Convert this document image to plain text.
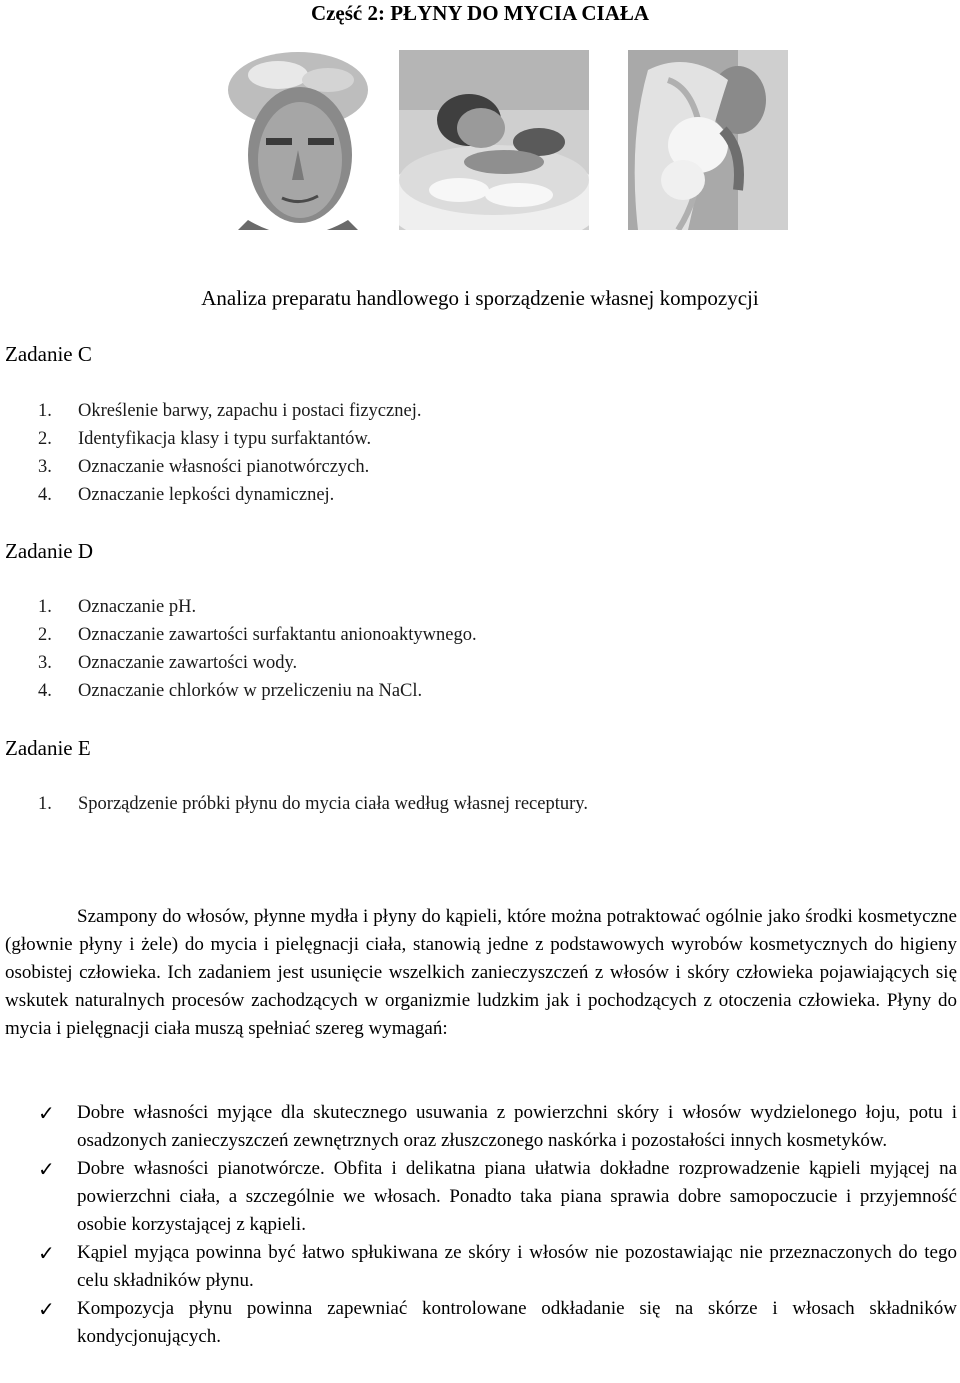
Część 2: PŁYNY DO MYCIA CIAŁA

Analiza preparatu handlowego i sporządzenie własnej kompozycji

Zadanie C
1. Określenie barwy, zapachu i postaci fizycznej.
2. Identyfikacja klasy i typu surfaktantów.
3. Oznaczanie własności pianotwórczych.
4. Oznaczanie lepkości dynamicznej.
Zadanie D
1. Oznaczanie pH.
2. Oznaczanie zawartości surfaktantu anionoaktywnego.
3. Oznaczanie zawartości wody.
4. Oznaczanie chlorków w przeliczeniu na NaCl.
Zadanie E
1. Sporządzenie próbki płynu do mycia ciała według własnej receptury.

Szampony do włosów, płynne mydła i płyny do kąpieli, które można potraktować ogólnie jako środki kosmetyczne (głownie płyny i żele) do mycia i pielęgnacji ciała, stanowią jedne z podstawowych wyrobów kosmetycznych do higieny osobistej człowieka. Ich zadaniem jest usunięcie wszelkich zanieczyszczeń z włosów i skóry człowieka pojawiających się wskutek naturalnych procesów zachodzących w organizmie ludzkim jak i pochodzących z otoczenia człowieka. Płyny do mycia i pielęgnacji ciała muszą spełniać szereg wymagań:

✓	Dobre własności myjące dla skutecznego usuwania z powierzchni skóry i włosów wydzielonego łoju, potu i osadzonych zanieczyszczeń zewnętrznych oraz złuszczonego naskórka i pozostałości innych kosmetyków.
✓	Dobre własności pianotwórcze. Obfita i delikatna piana ułatwia dokładne rozprowadzenie kąpieli myjącej na powierzchni ciała, a szczególnie we włosach. Ponadto taka piana sprawia dobre samopoczucie i przyjemność osobie korzystającej z kąpieli.
✓	Kąpiel myjąca powinna być łatwo spłukiwana ze skóry i włosów nie pozostawiając nie przeznaczonych do tego celu składników płynu.
✓	Kompozycja płynu powinna zapewniać kontrolowane odkładanie się na skórze i włosach składników kondycjonujących.
